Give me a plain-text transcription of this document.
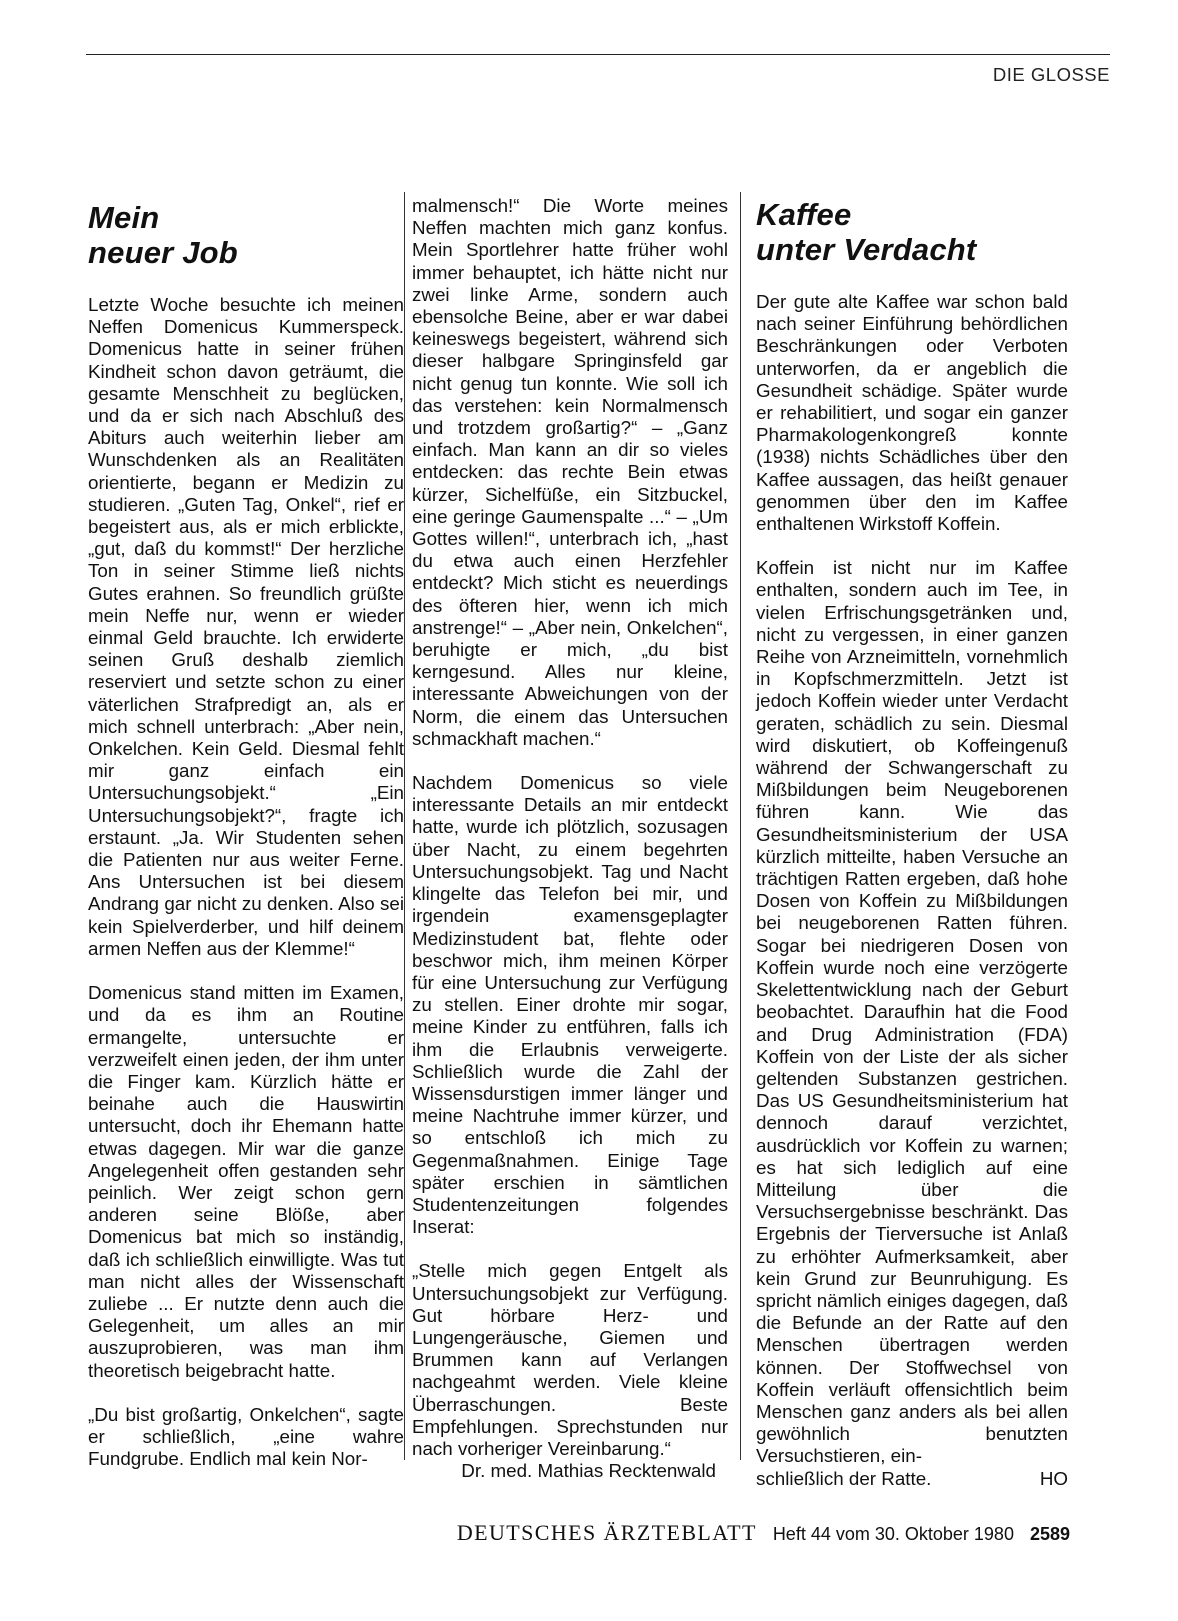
DIE GLOSSE
Mein
neuer Job

Letzte Woche besuchte ich meinen Neffen Domenicus Kummerspeck. Domenicus hatte in seiner frühen Kindheit schon davon geträumt, die gesamte Menschheit zu beglücken, und da er sich nach Abschluß des Abiturs auch weiterhin lieber am Wunschdenken als an Realitäten orientierte, begann er Medizin zu studieren. „Guten Tag, Onkel“, rief er begeistert aus, als er mich erblickte, „gut, daß du kommst!“ Der herzliche Ton in seiner Stimme ließ nichts Gutes erahnen. So freundlich grüßte mein Neffe nur, wenn er wieder einmal Geld brauchte. Ich erwiderte seinen Gruß deshalb ziemlich reserviert und setzte schon zu einer väterlichen Strafpredigt an, als er mich schnell unterbrach: „Aber nein, Onkelchen. Kein Geld. Diesmal fehlt mir ganz einfach ein Untersuchungsobjekt.“ „Ein Untersuchungsobjekt?“, fragte ich erstaunt. „Ja. Wir Studenten sehen die Patienten nur aus weiter Ferne. Ans Untersuchen ist bei diesem Andrang gar nicht zu denken. Also sei kein Spielverderber, und hilf deinem armen Neffen aus der Klemme!“

Domenicus stand mitten im Examen, und da es ihm an Routine ermangelte, untersuchte er verzweifelt einen jeden, der ihm unter die Finger kam. Kürzlich hätte er beinahe auch die Hauswirtin untersucht, doch ihr Ehemann hatte etwas dagegen. Mir war die ganze Angelegenheit offen gestanden sehr peinlich. Wer zeigt schon gern anderen seine Blöße, aber Domenicus bat mich so inständig, daß ich schließlich einwilligte. Was tut man nicht alles der Wissenschaft zuliebe ... Er nutzte denn auch die Gelegenheit, um alles an mir auszuprobieren, was man ihm theoretisch beigebracht hatte.

„Du bist großartig, Onkelchen“, sagte er schließlich, „eine wahre Fundgrube. Endlich mal kein Nor-

malmensch!“ Die Worte meines Neffen machten mich ganz konfus. Mein Sportlehrer hatte früher wohl immer behauptet, ich hätte nicht nur zwei linke Arme, sondern auch ebensolche Beine, aber er war dabei keineswegs begeistert, während sich dieser halbgare Springinsfeld gar nicht genug tun konnte. Wie soll ich das verstehen: kein Normalmensch und trotzdem großartig?“ – „Ganz einfach. Man kann an dir so vieles entdecken: das rechte Bein etwas kürzer, Sichelfüße, ein Sitzbuckel, eine geringe Gaumenspalte ...“ – „Um Gottes willen!“, unterbrach ich, „hast du etwa auch einen Herzfehler entdeckt? Mich sticht es neuerdings des öfteren hier, wenn ich mich anstrenge!“ – „Aber nein, Onkelchen“, beruhigte er mich, „du bist kerngesund. Alles nur kleine, interessante Abweichungen von der Norm, die einem das Untersuchen schmackhaft machen.“

Nachdem Domenicus so viele interessante Details an mir entdeckt hatte, wurde ich plötzlich, sozusagen über Nacht, zu einem begehrten Untersuchungsobjekt. Tag und Nacht klingelte das Telefon bei mir, und irgendein examensgeplagter Medizinstudent bat, flehte oder beschwor mich, ihm meinen Körper für eine Untersuchung zur Verfügung zu stellen. Einer drohte mir sogar, meine Kinder zu entführen, falls ich ihm die Erlaubnis verweigerte. Schließlich wurde die Zahl der Wissensdurstigen immer länger und meine Nachtruhe immer kürzer, und so entschloß ich mich zu Gegenmaßnahmen. Einige Tage später erschien in sämtlichen Studentenzeitungen folgendes Inserat:

„Stelle mich gegen Entgelt als Untersuchungsobjekt zur Verfügung. Gut hörbare Herz- und Lungengeräusche, Giemen und Brummen kann auf Verlangen nachgeahmt werden. Viele kleine Überraschungen. Beste Empfehlungen. Sprechstunden nur nach vorheriger Vereinbarung.“

Dr. med. Mathias Recktenwald
Kaffee
unter Verdacht

Der gute alte Kaffee war schon bald nach seiner Einführung behördlichen Beschränkungen oder Verboten unterworfen, da er angeblich die Gesundheit schädige. Später wurde er rehabilitiert, und sogar ein ganzer Pharmakologenkongreß konnte (1938) nichts Schädliches über den Kaffee aussagen, das heißt genauer genommen über den im Kaffee enthaltenen Wirkstoff Koffein.

Koffein ist nicht nur im Kaffee enthalten, sondern auch im Tee, in vielen Erfrischungsgetränken und, nicht zu vergessen, in einer ganzen Reihe von Arzneimitteln, vornehmlich in Kopfschmerzmitteln. Jetzt ist jedoch Koffein wieder unter Verdacht geraten, schädlich zu sein. Diesmal wird diskutiert, ob Koffeingenuß während der Schwangerschaft zu Mißbildungen beim Neugeborenen führen kann. Wie das Gesundheitsministerium der USA kürzlich mitteilte, haben Versuche an trächtigen Ratten ergeben, daß hohe Dosen von Koffein zu Mißbildungen bei neugeborenen Ratten führen. Sogar bei niedrigeren Dosen von Koffein wurde noch eine verzögerte Skelettentwicklung nach der Geburt beobachtet. Daraufhin hat die Food and Drug Administration (FDA) Koffein von der Liste der als sicher geltenden Substanzen gestrichen. Das US Gesundheitsministerium hat dennoch darauf verzichtet, ausdrücklich vor Koffein zu warnen; es hat sich lediglich auf eine Mitteilung über die Versuchsergebnisse beschränkt. Das Ergebnis der Tierversuche ist Anlaß zu erhöhter Aufmerksamkeit, aber kein Grund zur Beunruhigung. Es spricht nämlich einiges dagegen, daß die Befunde an der Ratte auf den Menschen übertragen werden können. Der Stoffwechsel von Koffein verläuft offensichtlich beim Menschen ganz anders als bei allen gewöhnlich benutzten Versuchstieren, ein-

schließlich der Ratte.	HO
DEUTSCHES ÄRZTEBLATT Heft 44 vom 30. Oktober 1980 2589
